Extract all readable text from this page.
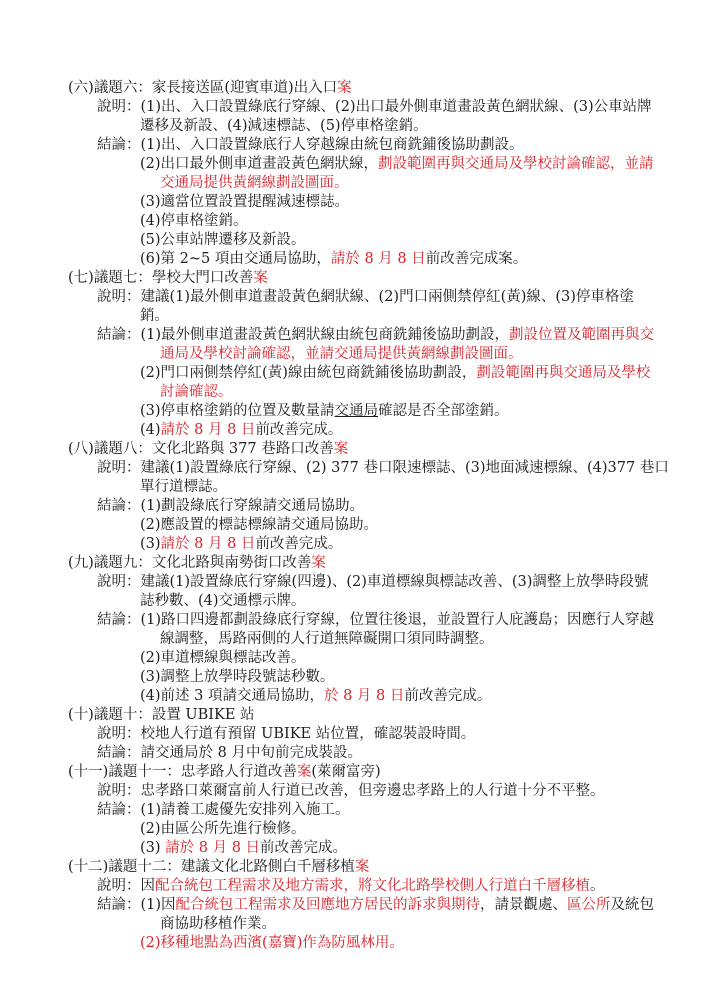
(六)議題六：家長接送區(迎賓車道)出入口案
說明：(1)出、入口設置綠底行穿線、(2)出口最外側車道畫設黃色網狀線、(3)公車站牌
遷移及新設、(4)減速標誌、(5)停車格塗銷。
結論：(1)出、入口設置綠底行人穿越線由統包商銑鋪後協助劃設。
(2)出口最外側車道畫設黃色網狀線，劃設範圍再與交通局及學校討論確認，並請
交通局提供黃網線劃設圖面。
(3)適當位置設置提醒減速標誌。
(4)停車格塗銷。
(5)公車站牌遷移及新設。
(6)第 2~5 項由交通局協助，請於 8 月 8 日前改善完成案。
(七)議題七：學校大門口改善案
說明：建議(1)最外側車道畫設黃色網狀線、(2)門口兩側禁停紅(黃)線、(3)停車格塗
銷。
結論：(1)最外側車道畫設黃色網狀線由統包商銑鋪後協助劃設，劃設位置及範圍再與交
通局及學校討論確認，並請交通局提供黃網線劃設圖面。
(2)門口兩側禁停紅(黃)線由統包商銑鋪後協助劃設，劃設範圍再與交通局及學校
討論確認。
(3)停車格塗銷的位置及數量請交通局確認是否全部塗銷。
(4)請於 8 月 8 日前改善完成。
(八)議題八：文化北路與 377 巷路口改善案
說明：建議(1)設置綠底行穿線、(2) 377 巷口限速標誌、(3)地面減速標線、(4)377 巷口
單行道標誌。
結論：(1)劃設綠底行穿線請交通局協助。
(2)應設置的標誌標線請交通局協助。
(3)請於 8 月 8 日前改善完成。
(九)議題九：文化北路與南勢街口改善案
說明：建議(1)設置綠底行穿線(四邊)、(2)車道標線與標誌改善、(3)調整上放學時段號
誌秒數、(4)交通標示牌。
結論：(1)路口四邊都劃設綠底行穿線，位置往後退，並設置行人庇護島；因應行人穿越
線調整，馬路兩側的人行道無障礙開口須同時調整。
(2)車道標線與標誌改善。
(3)調整上放學時段號誌秒數。
(4)前述 3 項請交通局協助，於 8 月 8 日前改善完成。
(十)議題十：設置 UBIKE 站
說明：校地人行道有預留 UBIKE 站位置，確認裝設時間。
結論：請交通局於 8 月中旬前完成裝設。
(十一)議題十一：忠孝路人行道改善案(萊爾富旁)
說明：忠孝路口萊爾富前人行道已改善，但旁邊忠孝路上的人行道十分不平整。
結論：(1)請養工處優先安排列入施工。
(2)由區公所先進行檢修。
(3) 請於 8 月 8 日前改善完成。
(十二)議題十二：建議文化北路側白千層移植案
說明：因配合統包工程需求及地方需求，將文化北路學校側人行道白千層移植。
結論：(1)因配合統包工程需求及回應地方居民的訴求與期待，請景觀處、區公所及統包
商協助移植作業。
(2)移種地點為西濱(嘉寶)作為防風林用。
